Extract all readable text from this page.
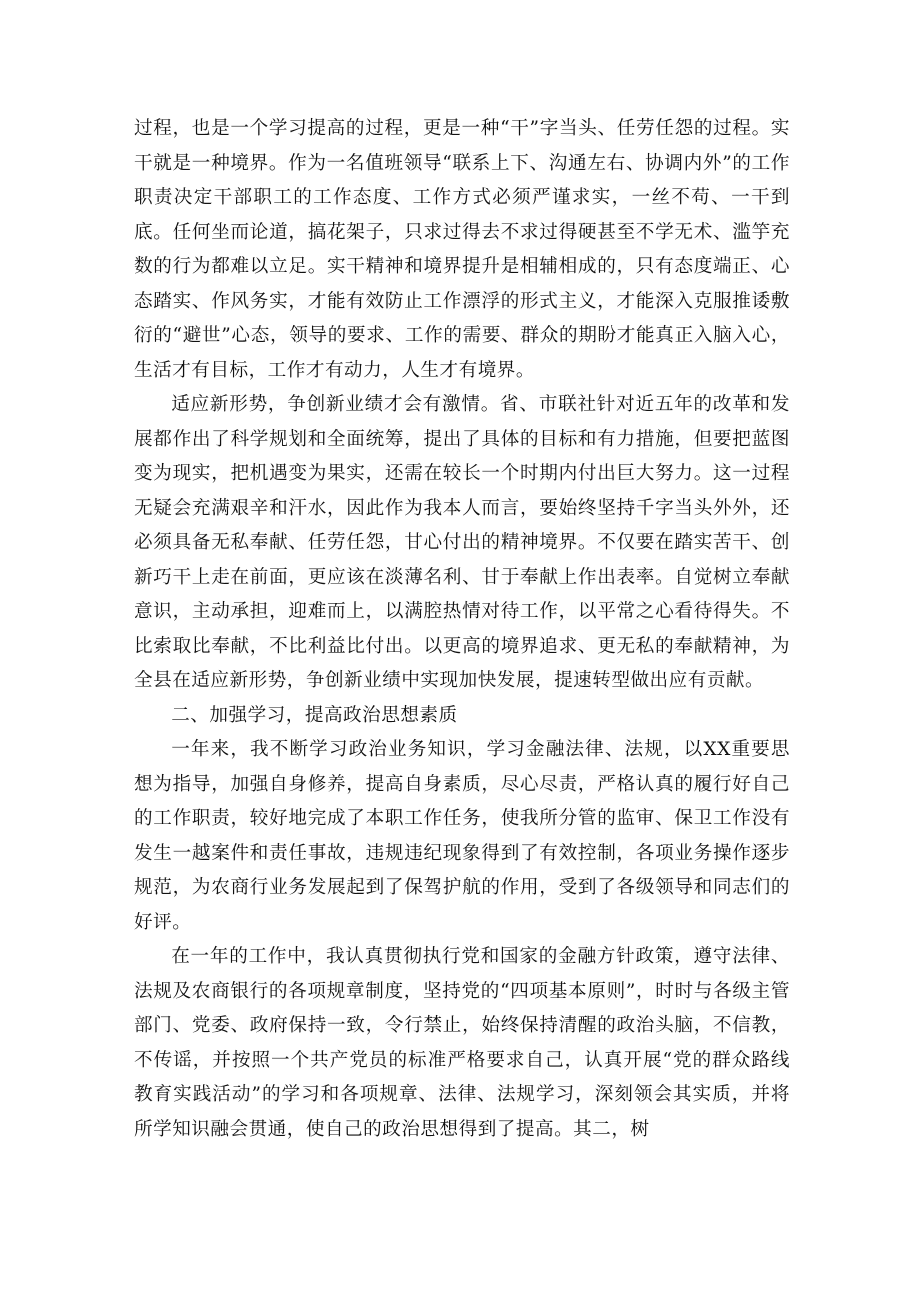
过程，也是一个学习提高的过程，更是一种“干”字当头、任劳任怨的过程。实干就是一种境界。作为一名值班领导“联系上下、沟通左右、协调内外”的工作职责决定干部职工的工作态度、工作方式必须严谨求实，一丝不苟、一干到底。任何坐而论道，搞花架子，只求过得去不求过得硬甚至不学无术、滥竽充数的行为都难以立足。实干精神和境界提升是相辅相成的，只有态度端正、心态踏实、作风务实，才能有效防止工作漂浮的形式主义，才能深入克服推诿敷衍的“避世”心态，领导的要求、工作的需要、群众的期盼才能真正入脑入心，生活才有目标，工作才有动力，人生才有境界。

适应新形势，争创新业绩才会有激情。省、市联社针对近五年的改革和发展都作出了科学规划和全面统筹，提出了具体的目标和有力措施，但要把蓝图变为现实，把机遇变为果实，还需在较长一个时期内付出巨大努力。这一过程无疑会充满艰辛和汗水，因此作为我本人而言，要始终坚持千字当头外外，还必须具备无私奉献、任劳任怨，甘心付出的精神境界。不仅要在踏实苦干、创新巧干上走在前面，更应该在淡薄名利、甘于奉献上作出表率。自觉树立奉献意识，主动承担，迎难而上，以满腔热情对待工作，以平常之心看待得失。不比索取比奉献，不比利益比付出。以更高的境界追求、更无私的奉献精神，为全县在适应新形势，争创新业绩中实现加快发展，提速转型做出应有贡献。

二、加强学习，提高政治思想素质

一年来，我不断学习政治业务知识，学习金融法律、法规，以XX重要思想为指导，加强自身修养，提高自身素质，尽心尽责，严格认真的履行好自己的工作职责，较好地完成了本职工作任务，使我所分管的监审、保卫工作没有发生一越案件和责任事故，违规违纪现象得到了有效控制，各项业务操作逐步规范，为农商行业务发展起到了保驾护航的作用，受到了各级领导和同志们的好评。

在一年的工作中，我认真贯彻执行党和国家的金融方针政策，遵守法律、法规及农商银行的各项规章制度，坚持党的“四项基本原则”，时时与各级主管部门、党委、政府保持一致，令行禁止，始终保持清醒的政治头脑，不信教，不传谣，并按照一个共产党员的标准严格要求自己，认真开展“党的群众路线教育实践活动”的学习和各项规章、法律、法规学习，深刻领会其实质，并将所学知识融会贯通，使自己的政治思想得到了提高。其二，树
